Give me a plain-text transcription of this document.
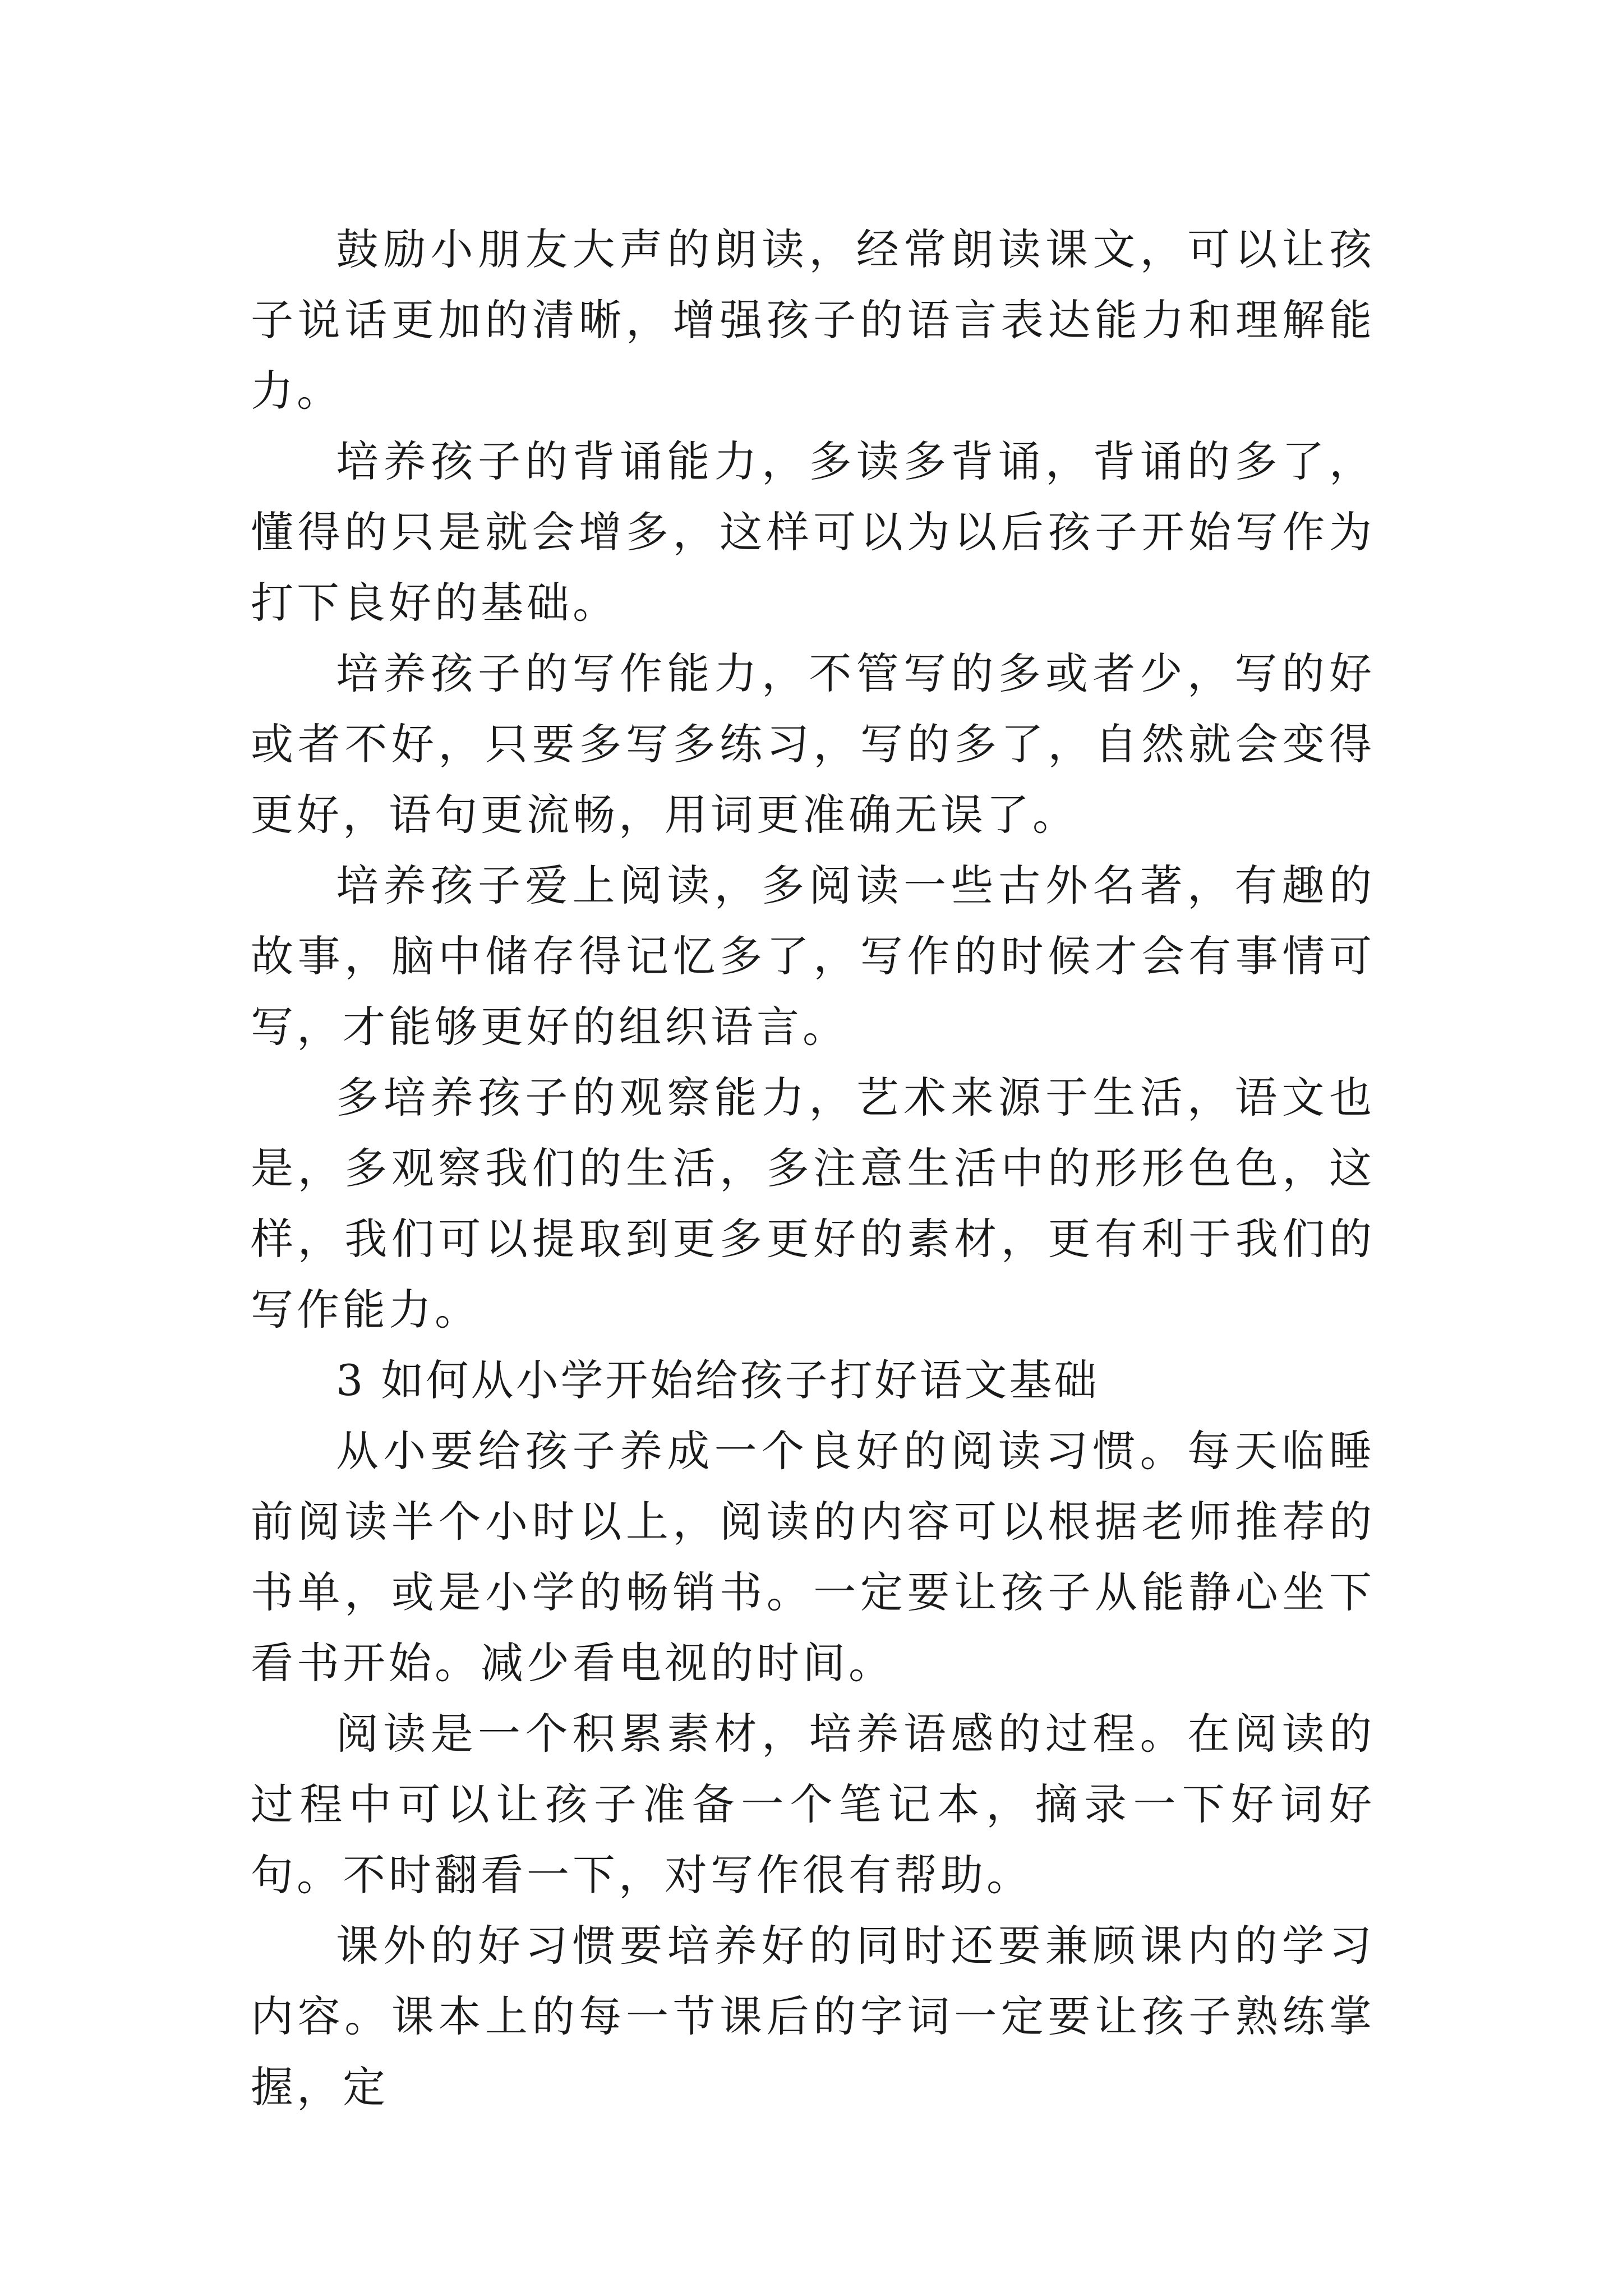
鼓励小朋友大声的朗读，经常朗读课文，可以让孩子说话更加的清晰，增强孩子的语言表达能力和理解能力。

培养孩子的背诵能力，多读多背诵，背诵的多了，懂得的只是就会增多，这样可以为以后孩子开始写作为打下良好的基础。

培养孩子的写作能力，不管写的多或者少，写的好或者不好，只要多写多练习，写的多了，自然就会变得更好，语句更流畅，用词更准确无误了。

培养孩子爱上阅读，多阅读一些古外名著，有趣的故事，脑中储存得记忆多了，写作的时候才会有事情可写，才能够更好的组织语言。

多培养孩子的观察能力，艺术来源于生活，语文也是，多观察我们的生活，多注意生活中的形形色色，这样，我们可以提取到更多更好的素材，更有利于我们的写作能力。

3 如何从小学开始给孩子打好语文基础

从小要给孩子养成一个良好的阅读习惯。每天临睡前阅读半个小时以上，阅读的内容可以根据老师推荐的书单，或是小学的畅销书。一定要让孩子从能静心坐下看书开始。减少看电视的时间。

阅读是一个积累素材，培养语感的过程。在阅读的过程中可以让孩子准备一个笔记本，摘录一下好词好句。不时翻看一下，对写作很有帮助。

课外的好习惯要培养好的同时还要兼顾课内的学习内容。课本上的每一节课后的字词一定要让孩子熟练掌握，定
